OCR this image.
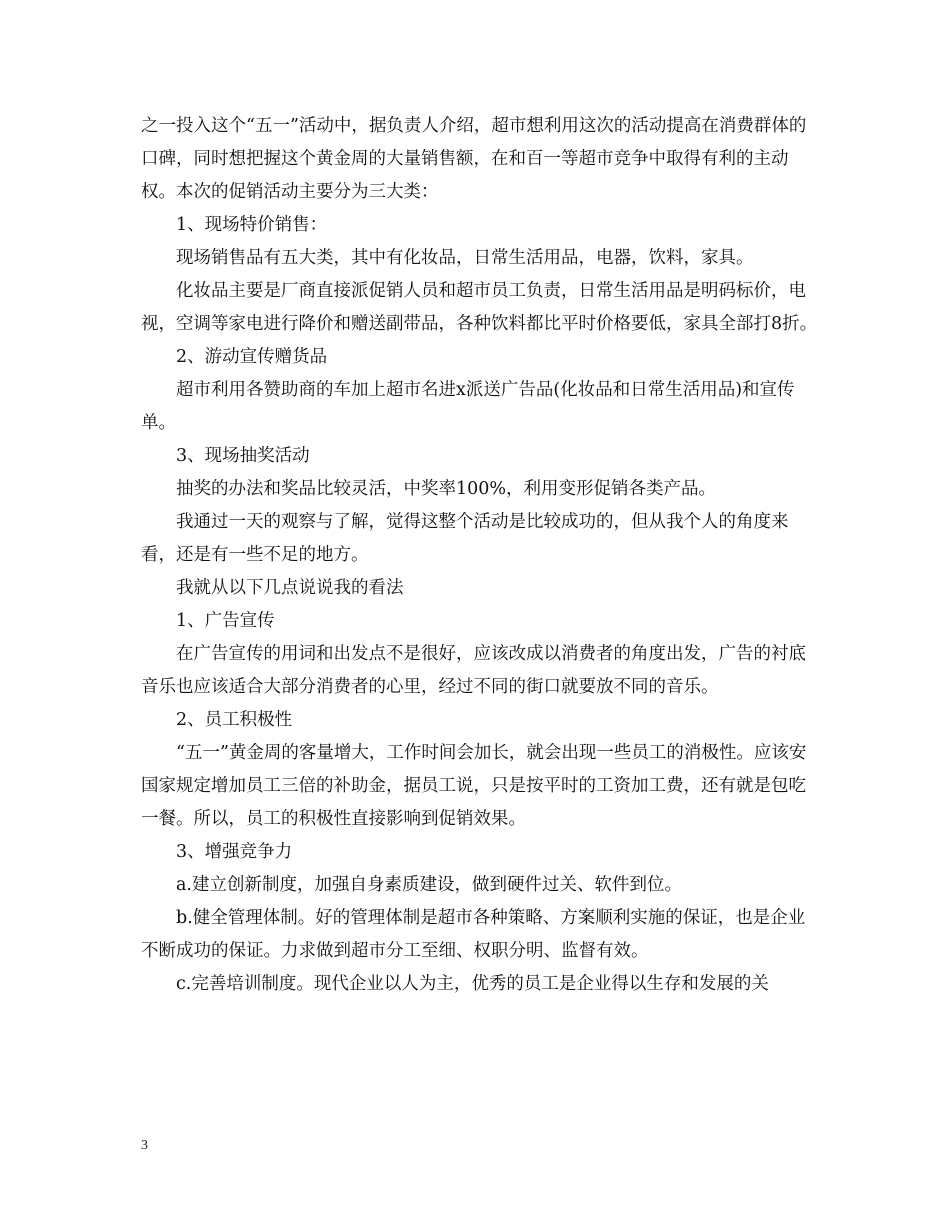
之一投入这个“五一”活动中，据负责人介绍，超市想利用这次的活动提高在消费群体的口碑，同时想把握这个黄金周的大量销售额，在和百一等超市竞争中取得有利的主动权。本次的促销活动主要分为三大类：

1、现场特价销售：

现场销售品有五大类，其中有化妆品，日常生活用品，电器，饮料，家具。

化妆品主要是厂商直接派促销人员和超市员工负责，日常生活用品是明码标价，电视，空调等家电进行降价和赠送副带品，各种饮料都比平时价格要低，家具全部打8折。

2、游动宣传赠货品

超市利用各赞助商的车加上超市名进x派送广告品(化妆品和日常生活用品)和宣传单。

3、现场抽奖活动

抽奖的办法和奖品比较灵活，中奖率100%，利用变形促销各类产品。

我通过一天的观察与了解，觉得这整个活动是比较成功的，但从我个人的角度来看，还是有一些不足的地方。

我就从以下几点说说我的看法

1、广告宣传

在广告宣传的用词和出发点不是很好，应该改成以消费者的角度出发，广告的衬底音乐也应该适合大部分消费者的心里，经过不同的街口就要放不同的音乐。

2、员工积极性

“五一”黄金周的客量增大，工作时间会加长，就会出现一些员工的消极性。应该安国家规定增加员工三倍的补助金，据员工说，只是按平时的工资加工费，还有就是包吃一餐。所以，员工的积极性直接影响到促销效果。

3、增强竞争力

a.建立创新制度，加强自身素质建设，做到硬件过关、软件到位。

b.健全管理体制。好的管理体制是超市各种策略、方案顺利实施的保证，也是企业不断成功的保证。力求做到超市分工至细、权职分明、监督有效。

c.完善培训制度。现代企业以人为主，优秀的员工是企业得以生存和发展的关

3
